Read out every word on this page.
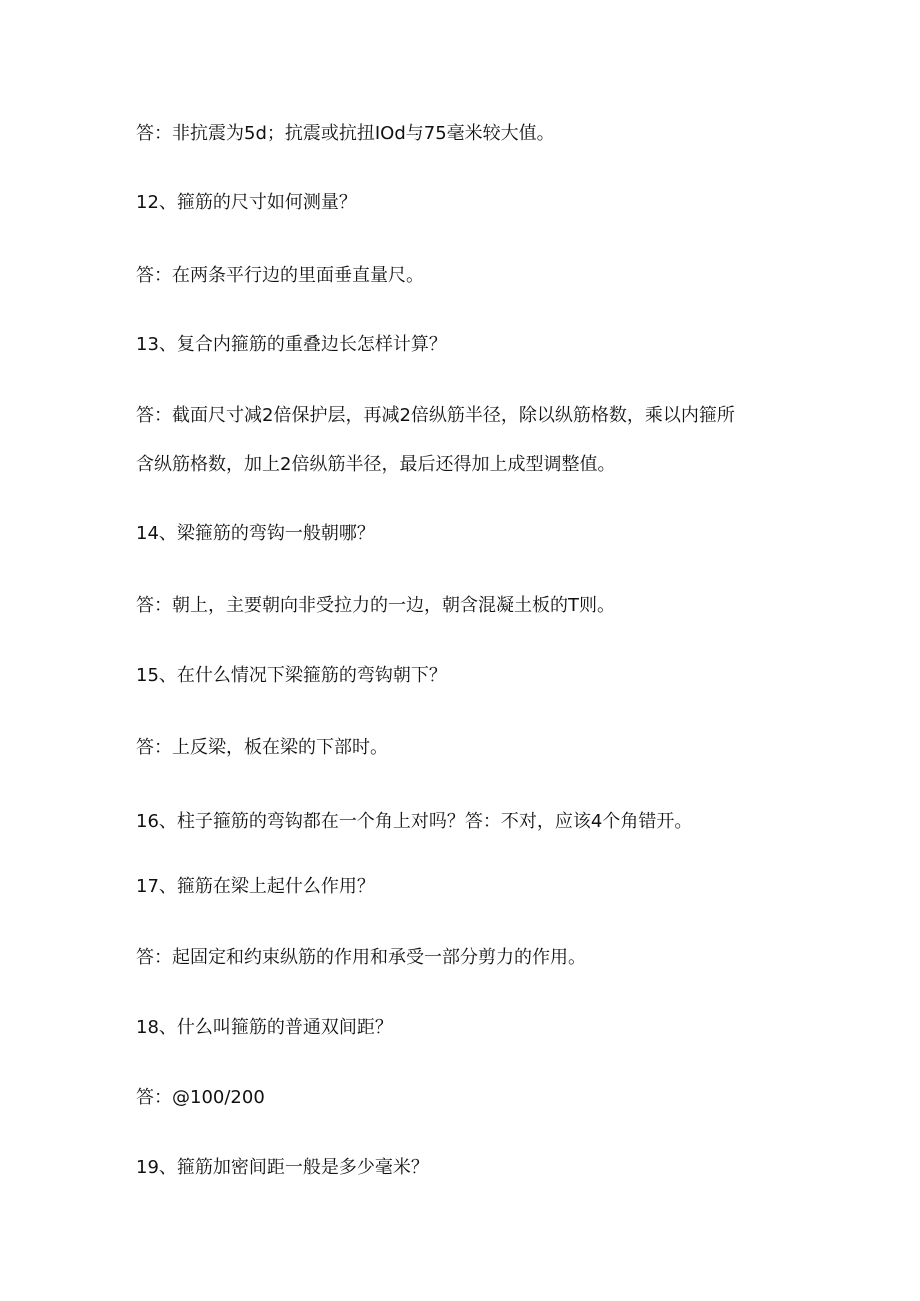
答：非抗震为5d；抗震或抗扭IOd与75毫米较大值。
12、箍筋的尺寸如何测量？
答：在两条平行边的里面垂直量尺。
13、复合内箍筋的重叠边长怎样计算？
答：截面尺寸减2倍保护层，再减2倍纵筋半径，除以纵筋格数，乘以内箍所
含纵筋格数，加上2倍纵筋半径，最后还得加上成型调整值。
14、梁箍筋的弯钩一般朝哪？
答：朝上，主要朝向非受拉力的一边，朝含混凝土板的T则。
15、在什么情况下梁箍筋的弯钩朝下？
答：上反梁，板在梁的下部时。
16、柱子箍筋的弯钩都在一个角上对吗？答：不对，应该4个角错开。
17、箍筋在梁上起什么作用？
答：起固定和约束纵筋的作用和承受一部分剪力的作用。
18、什么叫箍筋的普通双间距？
答：@100/200
19、箍筋加密间距一般是多少毫米？
